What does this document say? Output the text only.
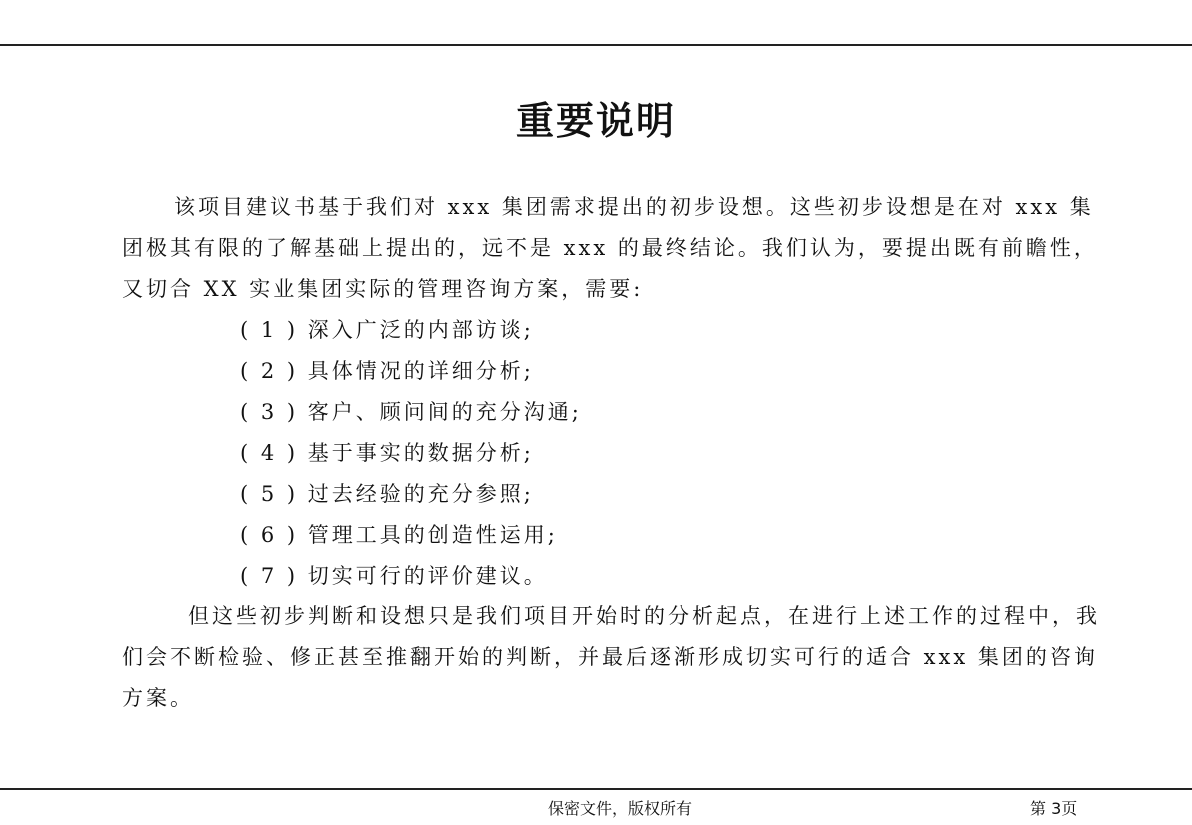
重要说明

该项目建议书基于我们对 xxx 集团需求提出的初步设想。这些初步设想是在对 xxx 集团极其有限的了解基础上提出的，远不是 xxx 的最终结论。我们认为，要提出既有前瞻性，又切合 XX 实业集团实际的管理咨询方案，需要:

( 1 ) 深入广泛的内部访谈;
( 2 ) 具体情况的详细分析;
( 3 ) 客户、顾问间的充分沟通;
( 4 ) 基于事实的数据分析;
( 5 ) 过去经验的充分参照;
( 6 ) 管理工具的创造性运用;
( 7 ) 切实可行的评价建议。

但这些初步判断和设想只是我们项目开始时的分析起点，在进行上述工作的过程中，我们会不断检验、修正甚至推翻开始的判断，并最后逐渐形成切实可行的适合 xxx 集团的咨询方案。

保密文件，版权所有	第 3页
